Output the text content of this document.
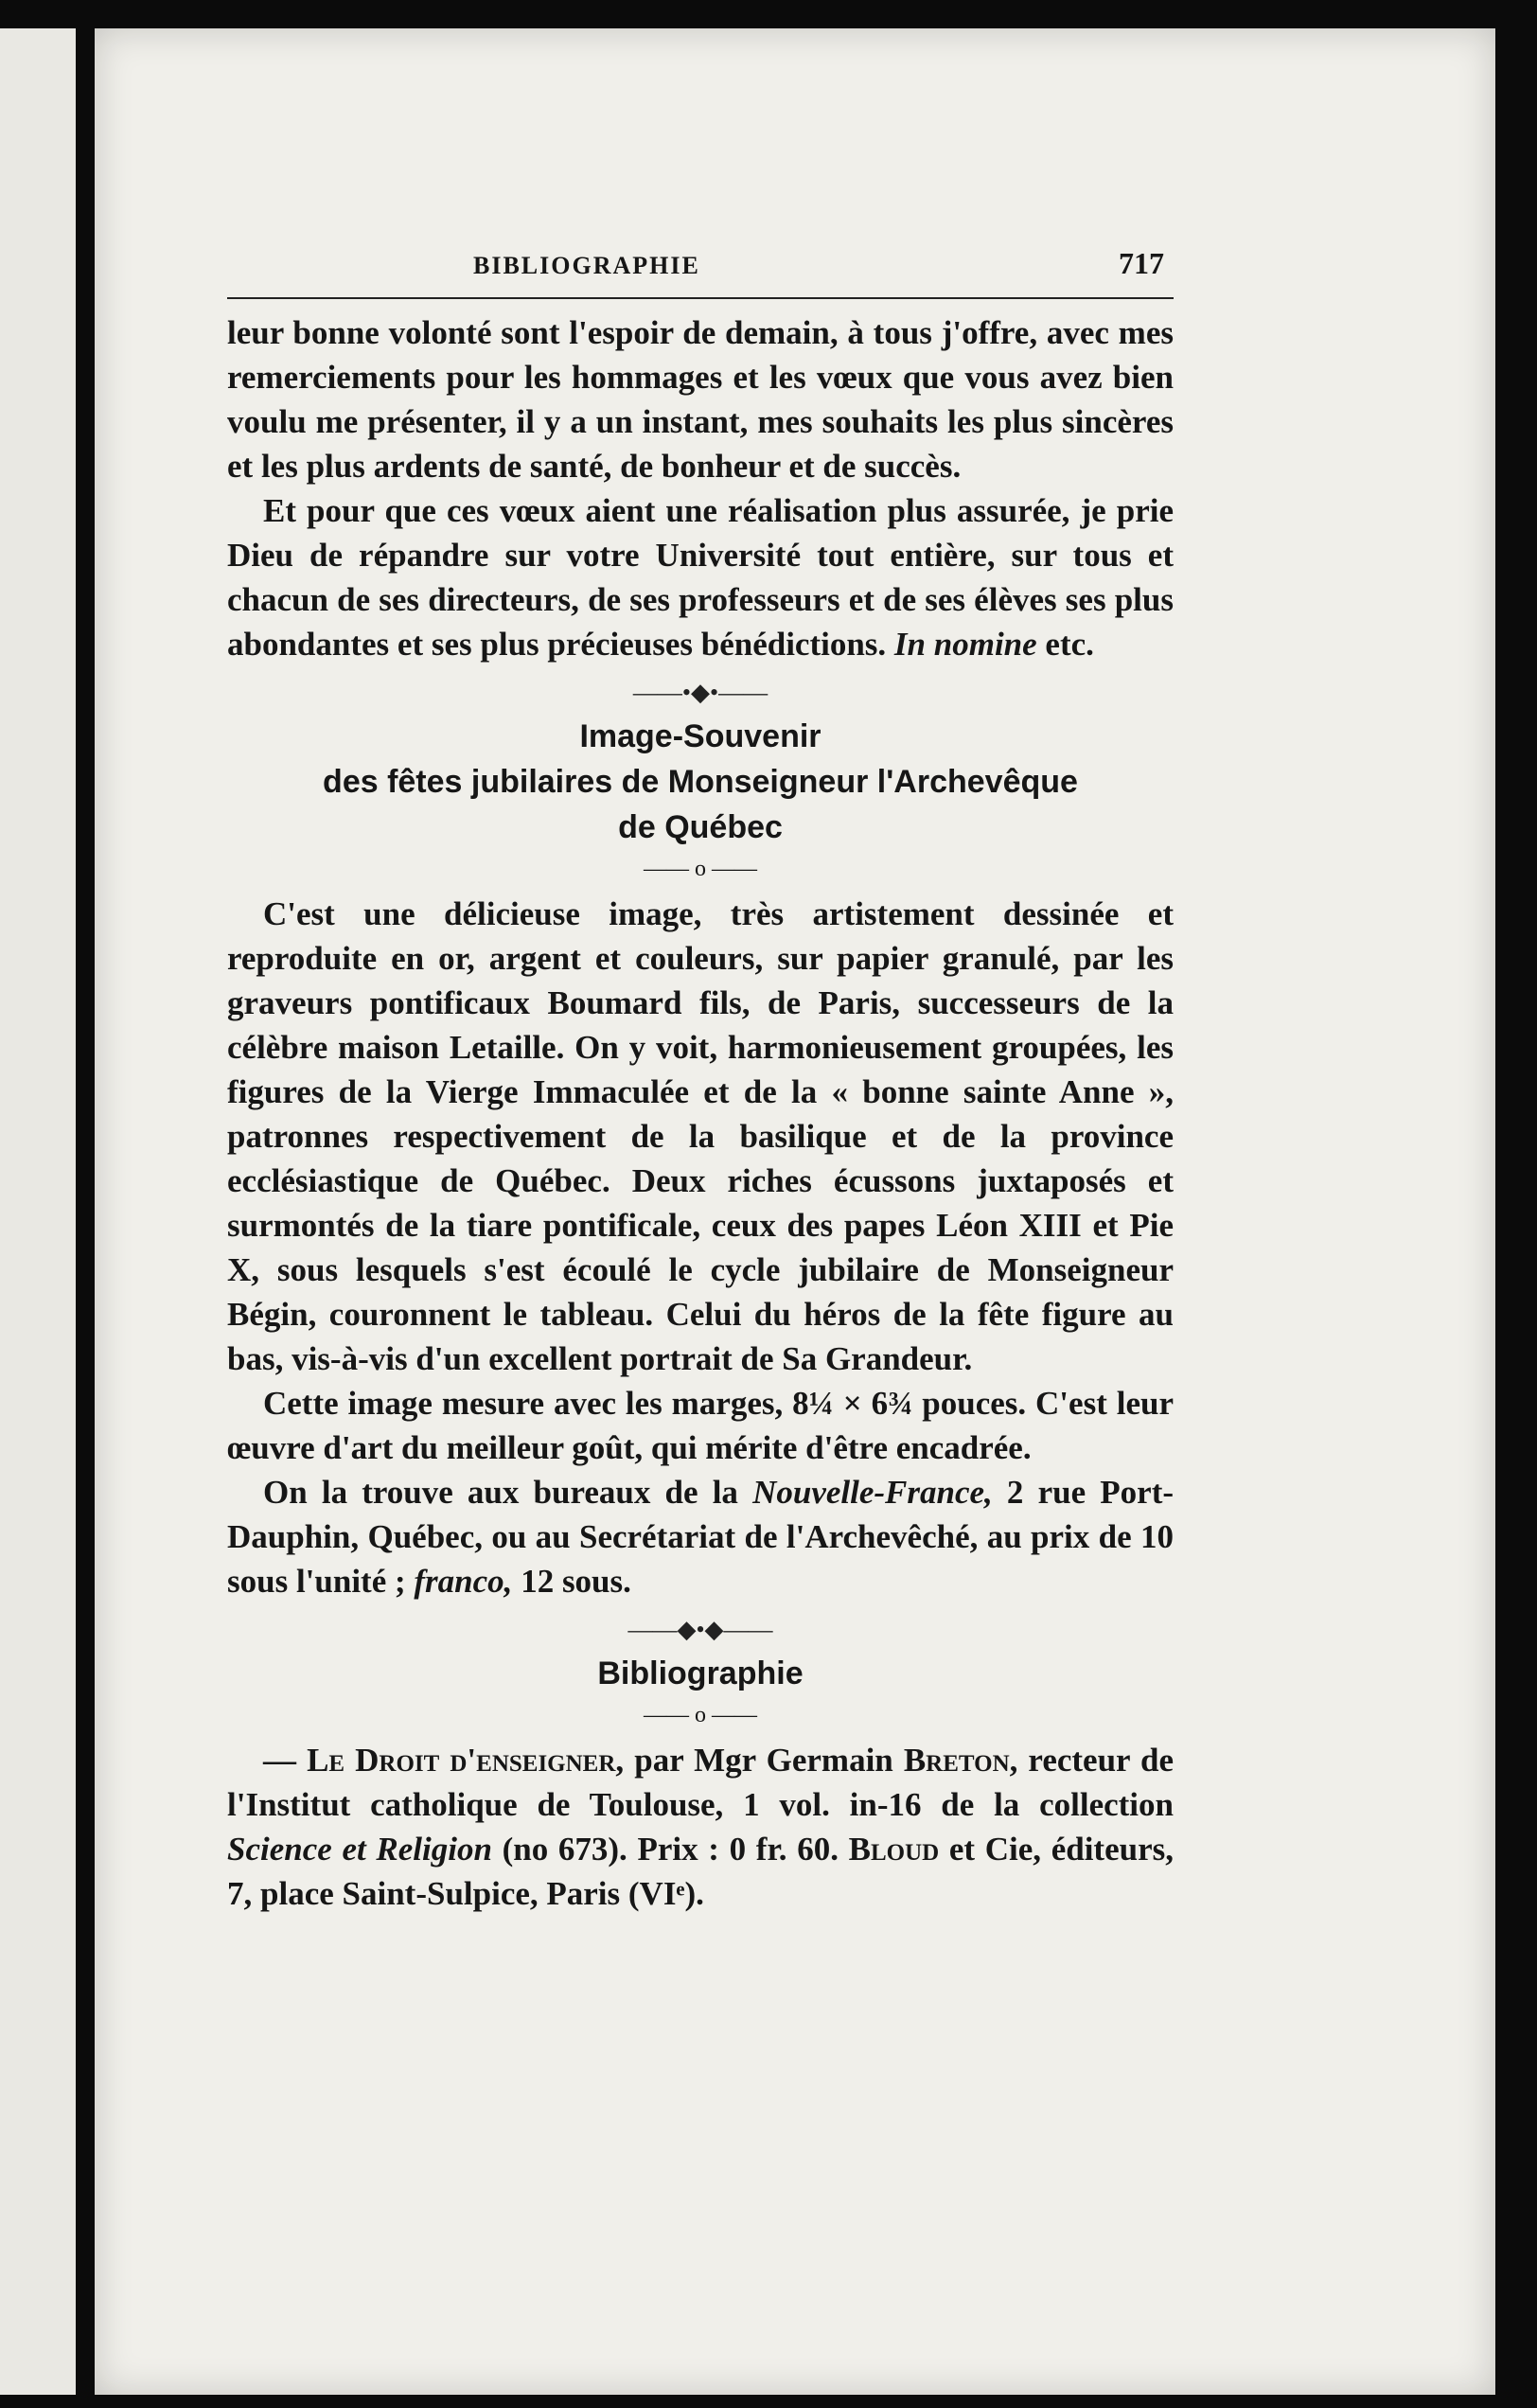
BIBLIOGRAPHIE	717

leur bonne volonté sont l'espoir de demain, à tous j'offre, avec mes remerciements pour les hommages et les vœux que vous avez bien voulu me présenter, il y a un instant, mes souhaits les plus sincères et les plus ardents de santé, de bonheur et de succès.

Et pour que ces vœux aient une réalisation plus assurée, je prie Dieu de répandre sur votre Université tout entière, sur tous et chacun de ses directeurs, de ses professeurs et de ses élèves ses plus abondantes et ses plus précieuses bénédictions. In nomine etc.

——•◆•——
Image-Souvenir
des fêtes jubilaires de Monseigneur l'Archevêque
de Québec
—— o ——

C'est une délicieuse image, très artistement dessinée et reproduite en or, argent et couleurs, sur papier granulé, par les graveurs pontificaux Boumard fils, de Paris, successeurs de la célèbre maison Letaille. On y voit, harmonieusement groupées, les figures de la Vierge Immaculée et de la « bonne sainte Anne », patronnes respectivement de la basilique et de la province ecclésiastique de Québec. Deux riches écussons juxtaposés et surmontés de la tiare pontificale, ceux des papes Léon XIII et Pie X, sous lesquels s'est écoulé le cycle jubilaire de Monseigneur Bégin, couronnent le tableau. Celui du héros de la fête figure au bas, vis-à-vis d'un excellent portrait de Sa Grandeur.

Cette image mesure avec les marges, 8¼ × 6¾ pouces. C'est leur œuvre d'art du meilleur goût, qui mérite d'être encadrée.

On la trouve aux bureaux de la Nouvelle-France, 2 rue Port-Dauphin, Québec, ou au Secrétariat de l'Archevêché, au prix de 10 sous l'unité ; franco, 12 sous.

——◆•◆——
Bibliographie
—— o ——

— Le Droit d'enseigner, par Mgr Germain Breton, recteur de l'Institut catholique de Toulouse, 1 vol. in-16 de la collection Science et Religion (no 673). Prix : 0 fr. 60. Bloud et Cie, éditeurs, 7, place Saint-Sulpice, Paris (VIᵉ).
